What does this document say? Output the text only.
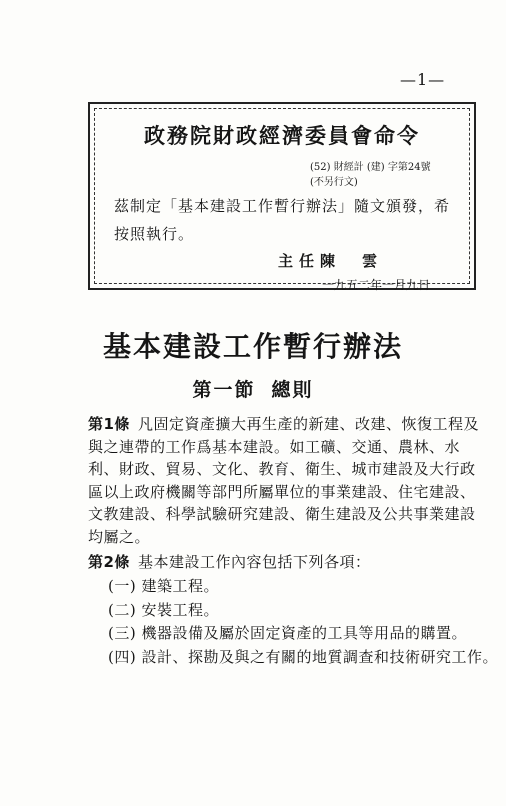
—1—
政務院財政經濟委員會命令
(52) 財經計 (建) 字第24號
(不另行文)
茲制定「基本建設工作暫行辦法」隨文頒發，希按照執行。
主任陳　雲
一九五二年一月九日
基本建設工作暫行辦法
第一節 總則
第1條 凡固定資產擴大再生產的新建、改建、恢復工程及與之連帶的工作爲基本建設。如工礦、交通、農林、水利、財政、貿易、文化、教育、衛生、城市建設及大行政區以上政府機關等部門所屬單位的事業建設、住宅建設、文教建設、科學試驗研究建設、衛生建設及公共事業建設均屬之。
第2條 基本建設工作內容包括下列各項：
(一) 建築工程。
(二) 安裝工程。
(三) 機器設備及屬於固定資產的工具等用品的購置。
(四) 設計、探勘及與之有關的地質調查和技術研究工作。
